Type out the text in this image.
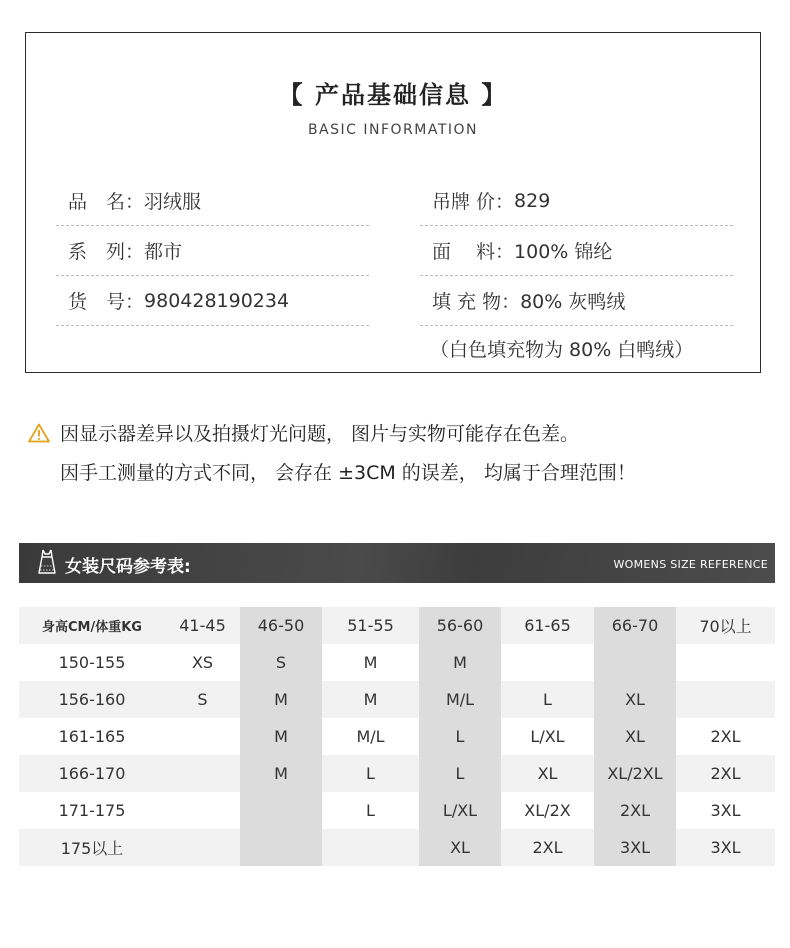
【 产品基础信息 】
BASIC INFORMATION
品　名： 羽绒服
系　列： 都市
货　号： 980428190234
吊牌 价： 829
面　 料： 100% 锦纶
填 充 物： 80% 灰鸭绒
（白色填充物为 80% 白鸭绒）
因显示器差异以及拍摄灯光问题， 图片与实物可能存在色差。
因手工测量的方式不同， 会存在 ±3CM 的误差， 均属于合理范围！
女装尺码参考表:	WOMENS SIZE REFERENCE
身高CM/体重KG	41-45	46-50	51-55	56-60	61-65	66-70	70以上
150-155	XS	S	M	M			
156-160	S	M	M	M/L	L	XL	
161-165		M	M/L	L	L/XL	XL	2XL
166-170		M	L	L	XL	XL/2XL	2XL
171-175			L	L/XL	XL/2X	2XL	3XL
175以上				XL	2XL	3XL	3XL
